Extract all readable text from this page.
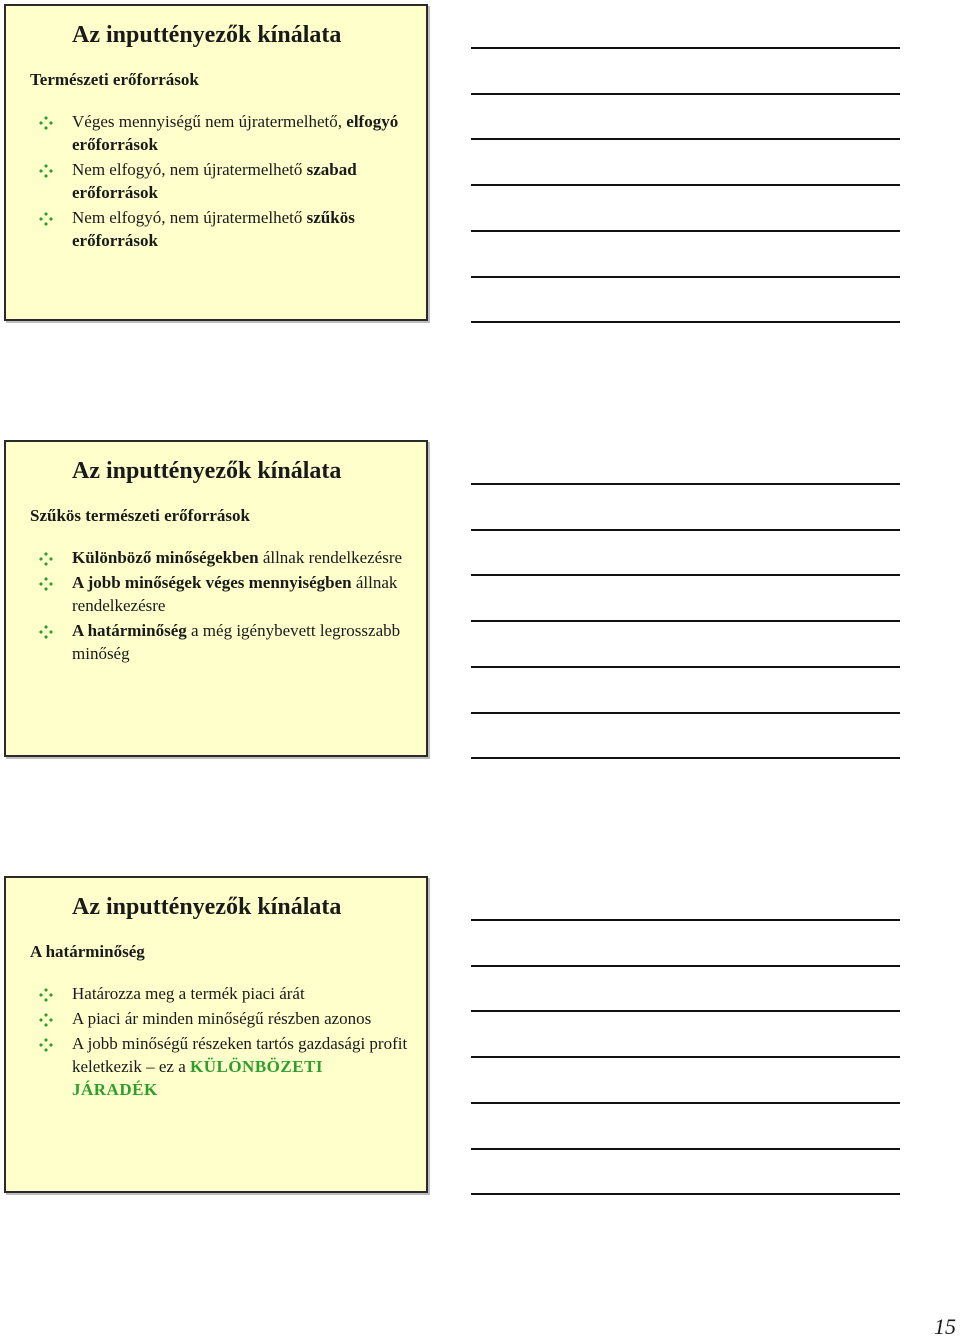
Az inputtényezők kínálata
Természeti erőforrások
Véges mennyiségű nem újratermelhető, elfogyó erőforrások
Nem elfogyó, nem újratermelhető szabad erőforrások
Nem elfogyó, nem újratermelhető szűkös erőforrások
Az inputtényezők kínálata
Szűkös természeti erőforrások
Különböző minőségekben állnak rendelkezésre
A jobb minőségek véges mennyiségben állnak rendelkezésre
A határminőség a még igénybevett legrosszabb minőség
Az inputtényezők kínálata
A határminőség
Határozza meg a termék piaci árát
A piaci ár minden minőségű részben azonos
A jobb minőségű részeken tartós gazdasági profit keletkezik – ez a KÜLÖNBÖZETI JÁRADÉK
15
